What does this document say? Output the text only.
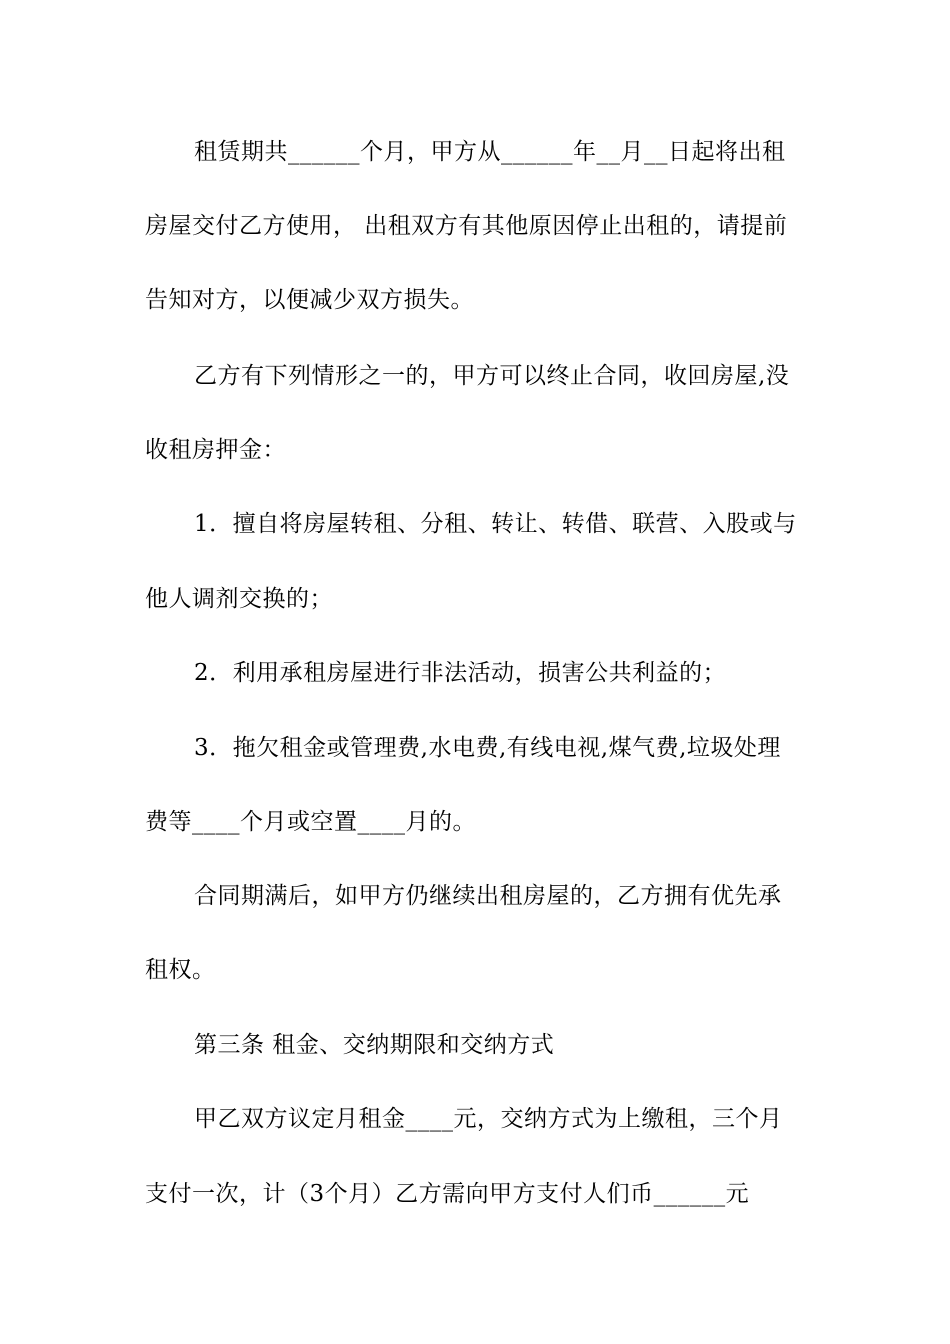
租赁期共______个月，甲方从______年__月__日起将出租
房屋交付乙方使用， 出租双方有其他原因停止出租的，请提前
告知对方，以便减少双方损失。
乙方有下列情形之一的，甲方可以终止合同，收回房屋,没
收租房押金：
1．擅自将房屋转租、分租、转让、转借、联营、入股或与
他人调剂交换的；
2．利用承租房屋进行非法活动，损害公共利益的；
3．拖欠租金或管理费,水电费,有线电视,煤气费,垃圾处理
费等____个月或空置____月的。
合同期满后，如甲方仍继续出租房屋的，乙方拥有优先承
租权。
第三条 租金、交纳期限和交纳方式
甲乙双方议定月租金____元，交纳方式为上缴租，三个月
支付一次，计（3个月）乙方需向甲方支付人们币______元
